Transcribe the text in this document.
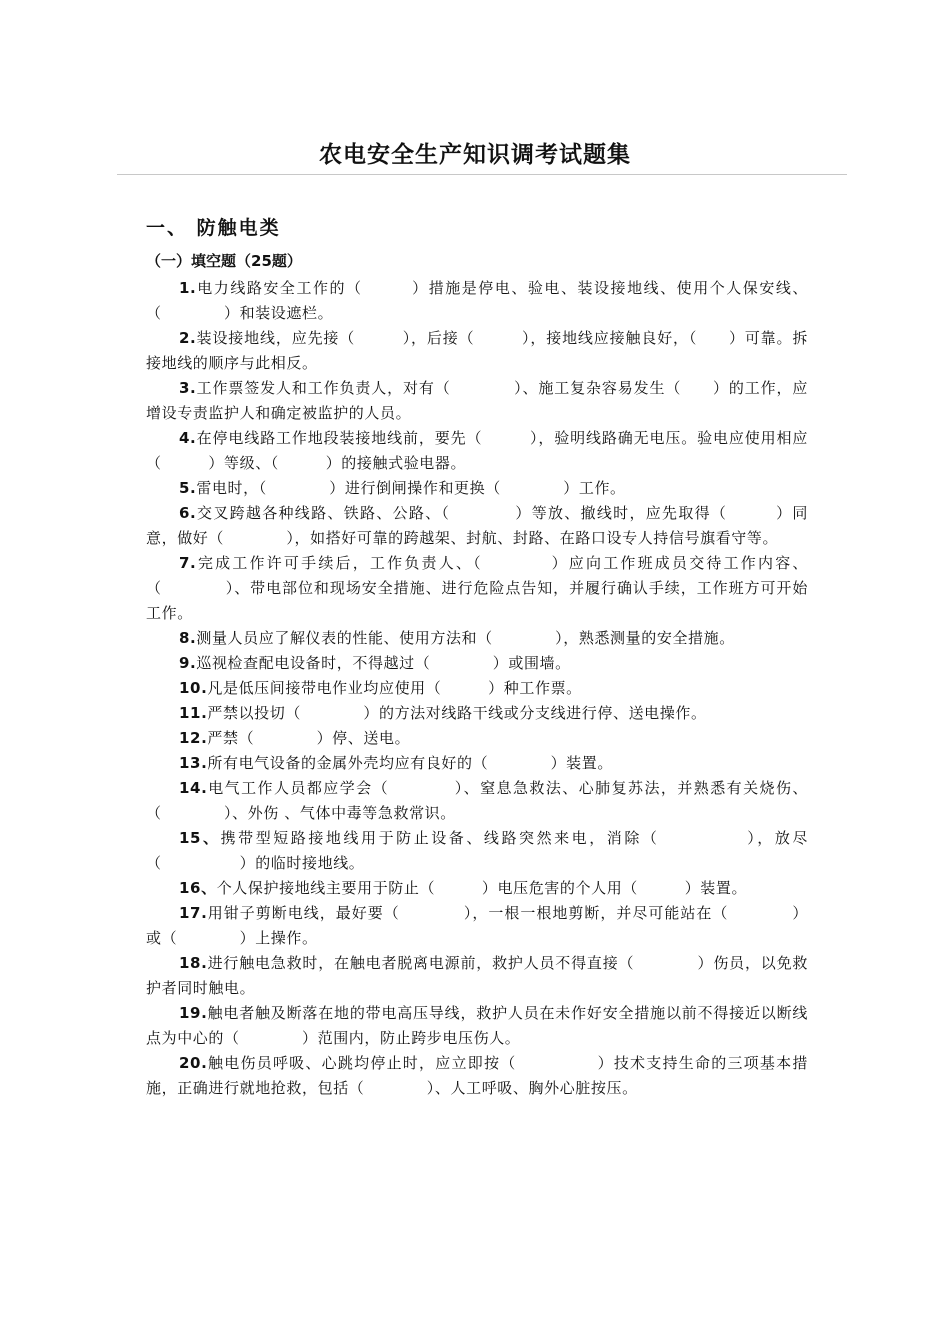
农电安全生产知识调考试题集
一、 防触电类
（一）填空题（25题）

1.电力线路安全工作的（　　　）措施是停电、验电、装设接地线、使用个人保安线、（　　　　）和装设遮栏。

2.装设接地线，应先接（　　　），后接（　　　），接地线应接触良好，（　　）可靠。拆接地线的顺序与此相反。

3.工作票签发人和工作负责人，对有（　　　　）、施工复杂容易发生（　　）的工作，应增设专责监护人和确定被监护的人员。

4.在停电线路工作地段装接地线前，要先（　　　），验明线路确无电压。验电应使用相应（　　　）等级、（　　　）的接触式验电器。

5.雷电时，（　　　　）进行倒闸操作和更换（　　　　）工作。

6.交叉跨越各种线路、铁路、公路、（　　　　）等放、撤线时，应先取得（　　　）同意，做好（　　　　），如搭好可靠的跨越架、封航、封路、在路口设专人持信号旗看守等。

7.完成工作许可手续后，工作负责人、（　　　　）应向工作班成员交待工作内容、（　　　　）、带电部位和现场安全措施、进行危险点告知，并履行确认手续，工作班方可开始工作。

8.测量人员应了解仪表的性能、使用方法和（　　　　），熟悉测量的安全措施。

9.巡视检查配电设备时，不得越过（　　　　）或围墙。

10.凡是低压间接带电作业均应使用（　　　）种工作票。

11.严禁以投切（　　　　）的方法对线路干线或分支线进行停、送电操作。

12.严禁（　　　　）停、送电。

13.所有电气设备的金属外壳均应有良好的（　　　　）装置。

14.电气工作人员都应学会（　　　　）、窒息急救法、心肺复苏法，并熟悉有关烧伤、（　　　　）、外伤 、气体中毒等急救常识。

15、携带型短路接地线用于防止设备、线路突然来电，消除（　　　　　），放尽（　　　　　）的临时接地线。

16、个人保护接地线主要用于防止（　　　）电压危害的个人用（　　　）装置。

17.用钳子剪断电线，最好要（　　　　），一根一根地剪断，并尽可能站在（　　　　）或（　　　　）上操作。

18.进行触电急救时，在触电者脱离电源前，救护人员不得直接（　　　　）伤员，以免救护者同时触电。

19.触电者触及断落在地的带电高压导线，救护人员在未作好安全措施以前不得接近以断线点为中心的（　　　　）范围内，防止跨步电压伤人。

20.触电伤员呼吸、心跳均停止时，应立即按（　　　　　）技术支持生命的三项基本措施，正确进行就地抢救，包括（　　　　）、人工呼吸、胸外心脏按压。
